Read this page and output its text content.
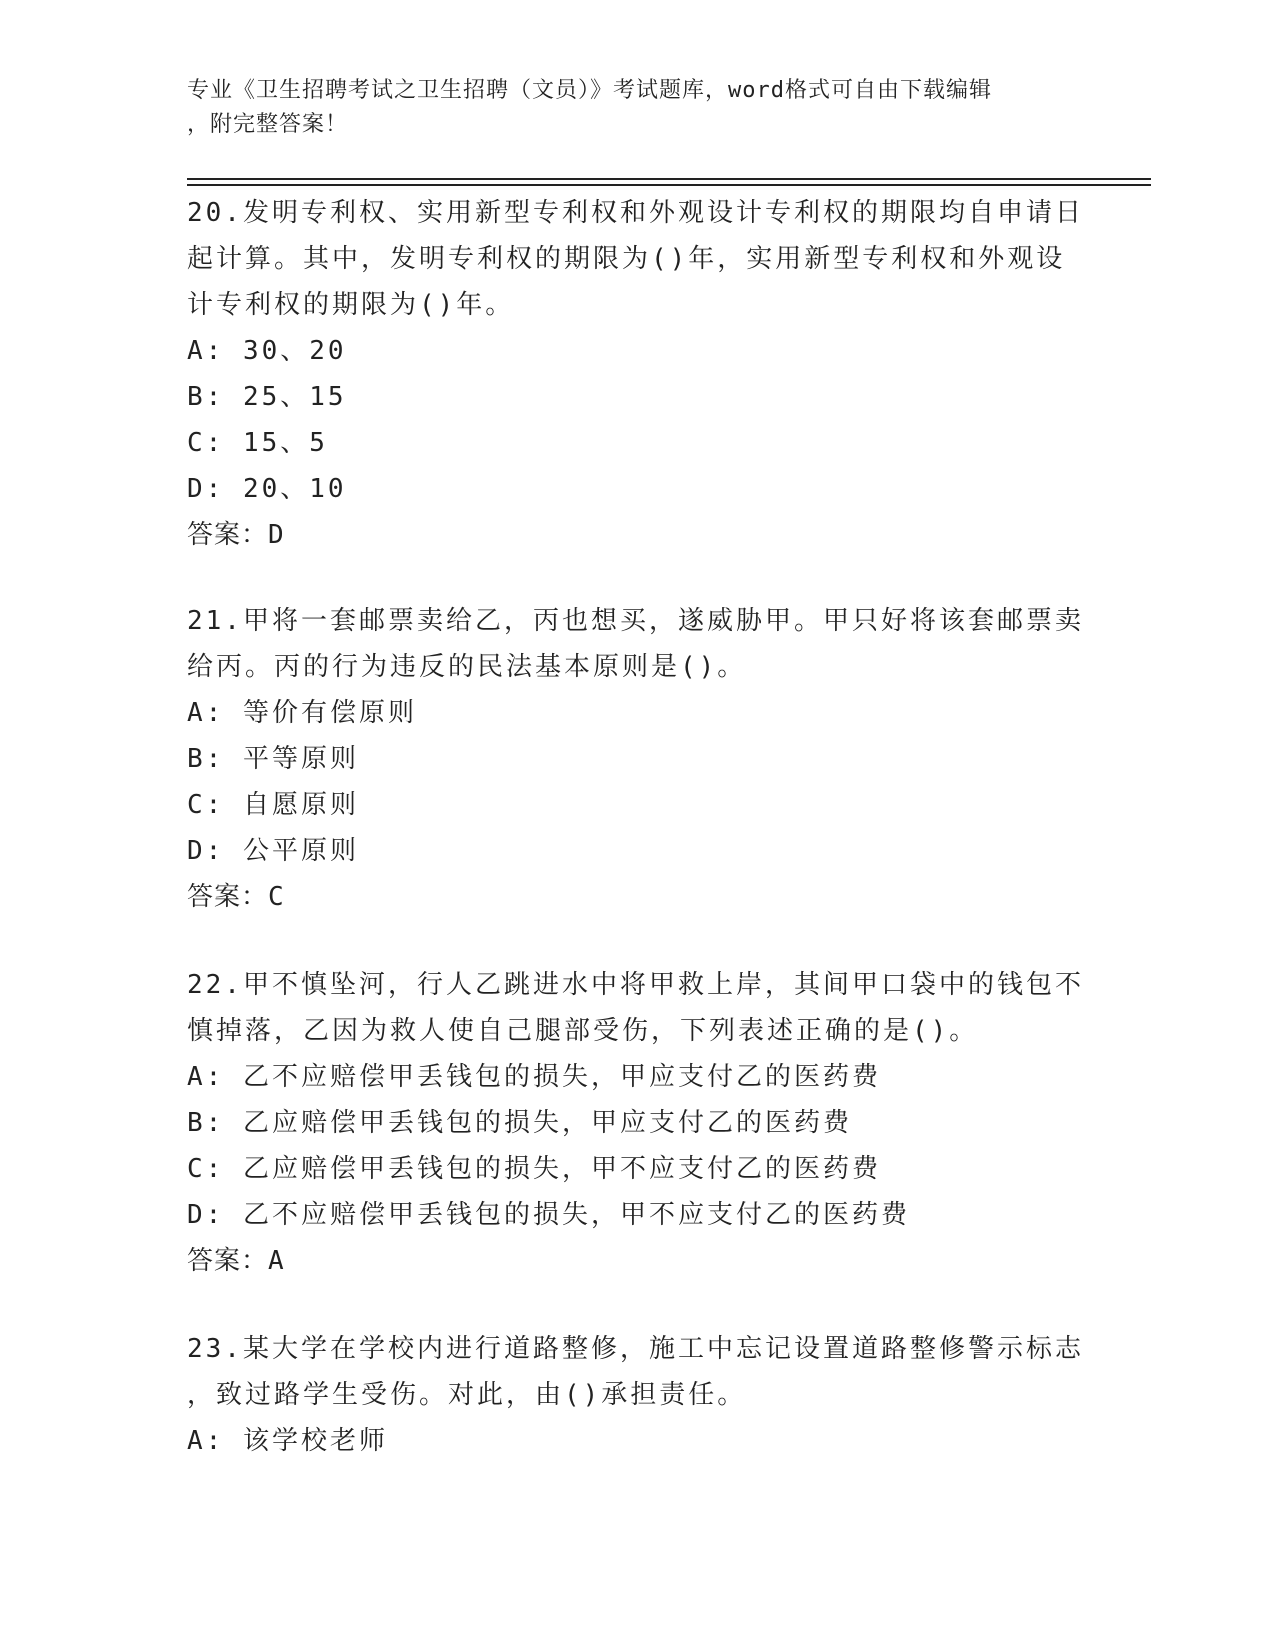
专业《卫生招聘考试之卫生招聘（文员）》考试题库，word格式可自由下载编辑
，附完整答案！

20.发明专利权、实用新型专利权和外观设计专利权的期限均自申请日

起计算。其中，发明专利权的期限为()年，实用新型专利权和外观设

计专利权的期限为()年。

A: 30、20

B: 25、15

C: 15、5

D: 20、10

答案：D

21.甲将一套邮票卖给乙，丙也想买，遂威胁甲。甲只好将该套邮票卖

给丙。丙的行为违反的民法基本原则是()。

A: 等价有偿原则

B: 平等原则

C: 自愿原则

D: 公平原则

答案：C

22.甲不慎坠河，行人乙跳进水中将甲救上岸，其间甲口袋中的钱包不

慎掉落，乙因为救人使自己腿部受伤，下列表述正确的是()。

A: 乙不应赔偿甲丢钱包的损失，甲应支付乙的医药费

B: 乙应赔偿甲丢钱包的损失，甲应支付乙的医药费

C: 乙应赔偿甲丢钱包的损失，甲不应支付乙的医药费

D: 乙不应赔偿甲丢钱包的损失，甲不应支付乙的医药费

答案：A

23.某大学在学校内进行道路整修，施工中忘记设置道路整修警示标志

，致过路学生受伤。对此，由()承担责任。

A: 该学校老师
